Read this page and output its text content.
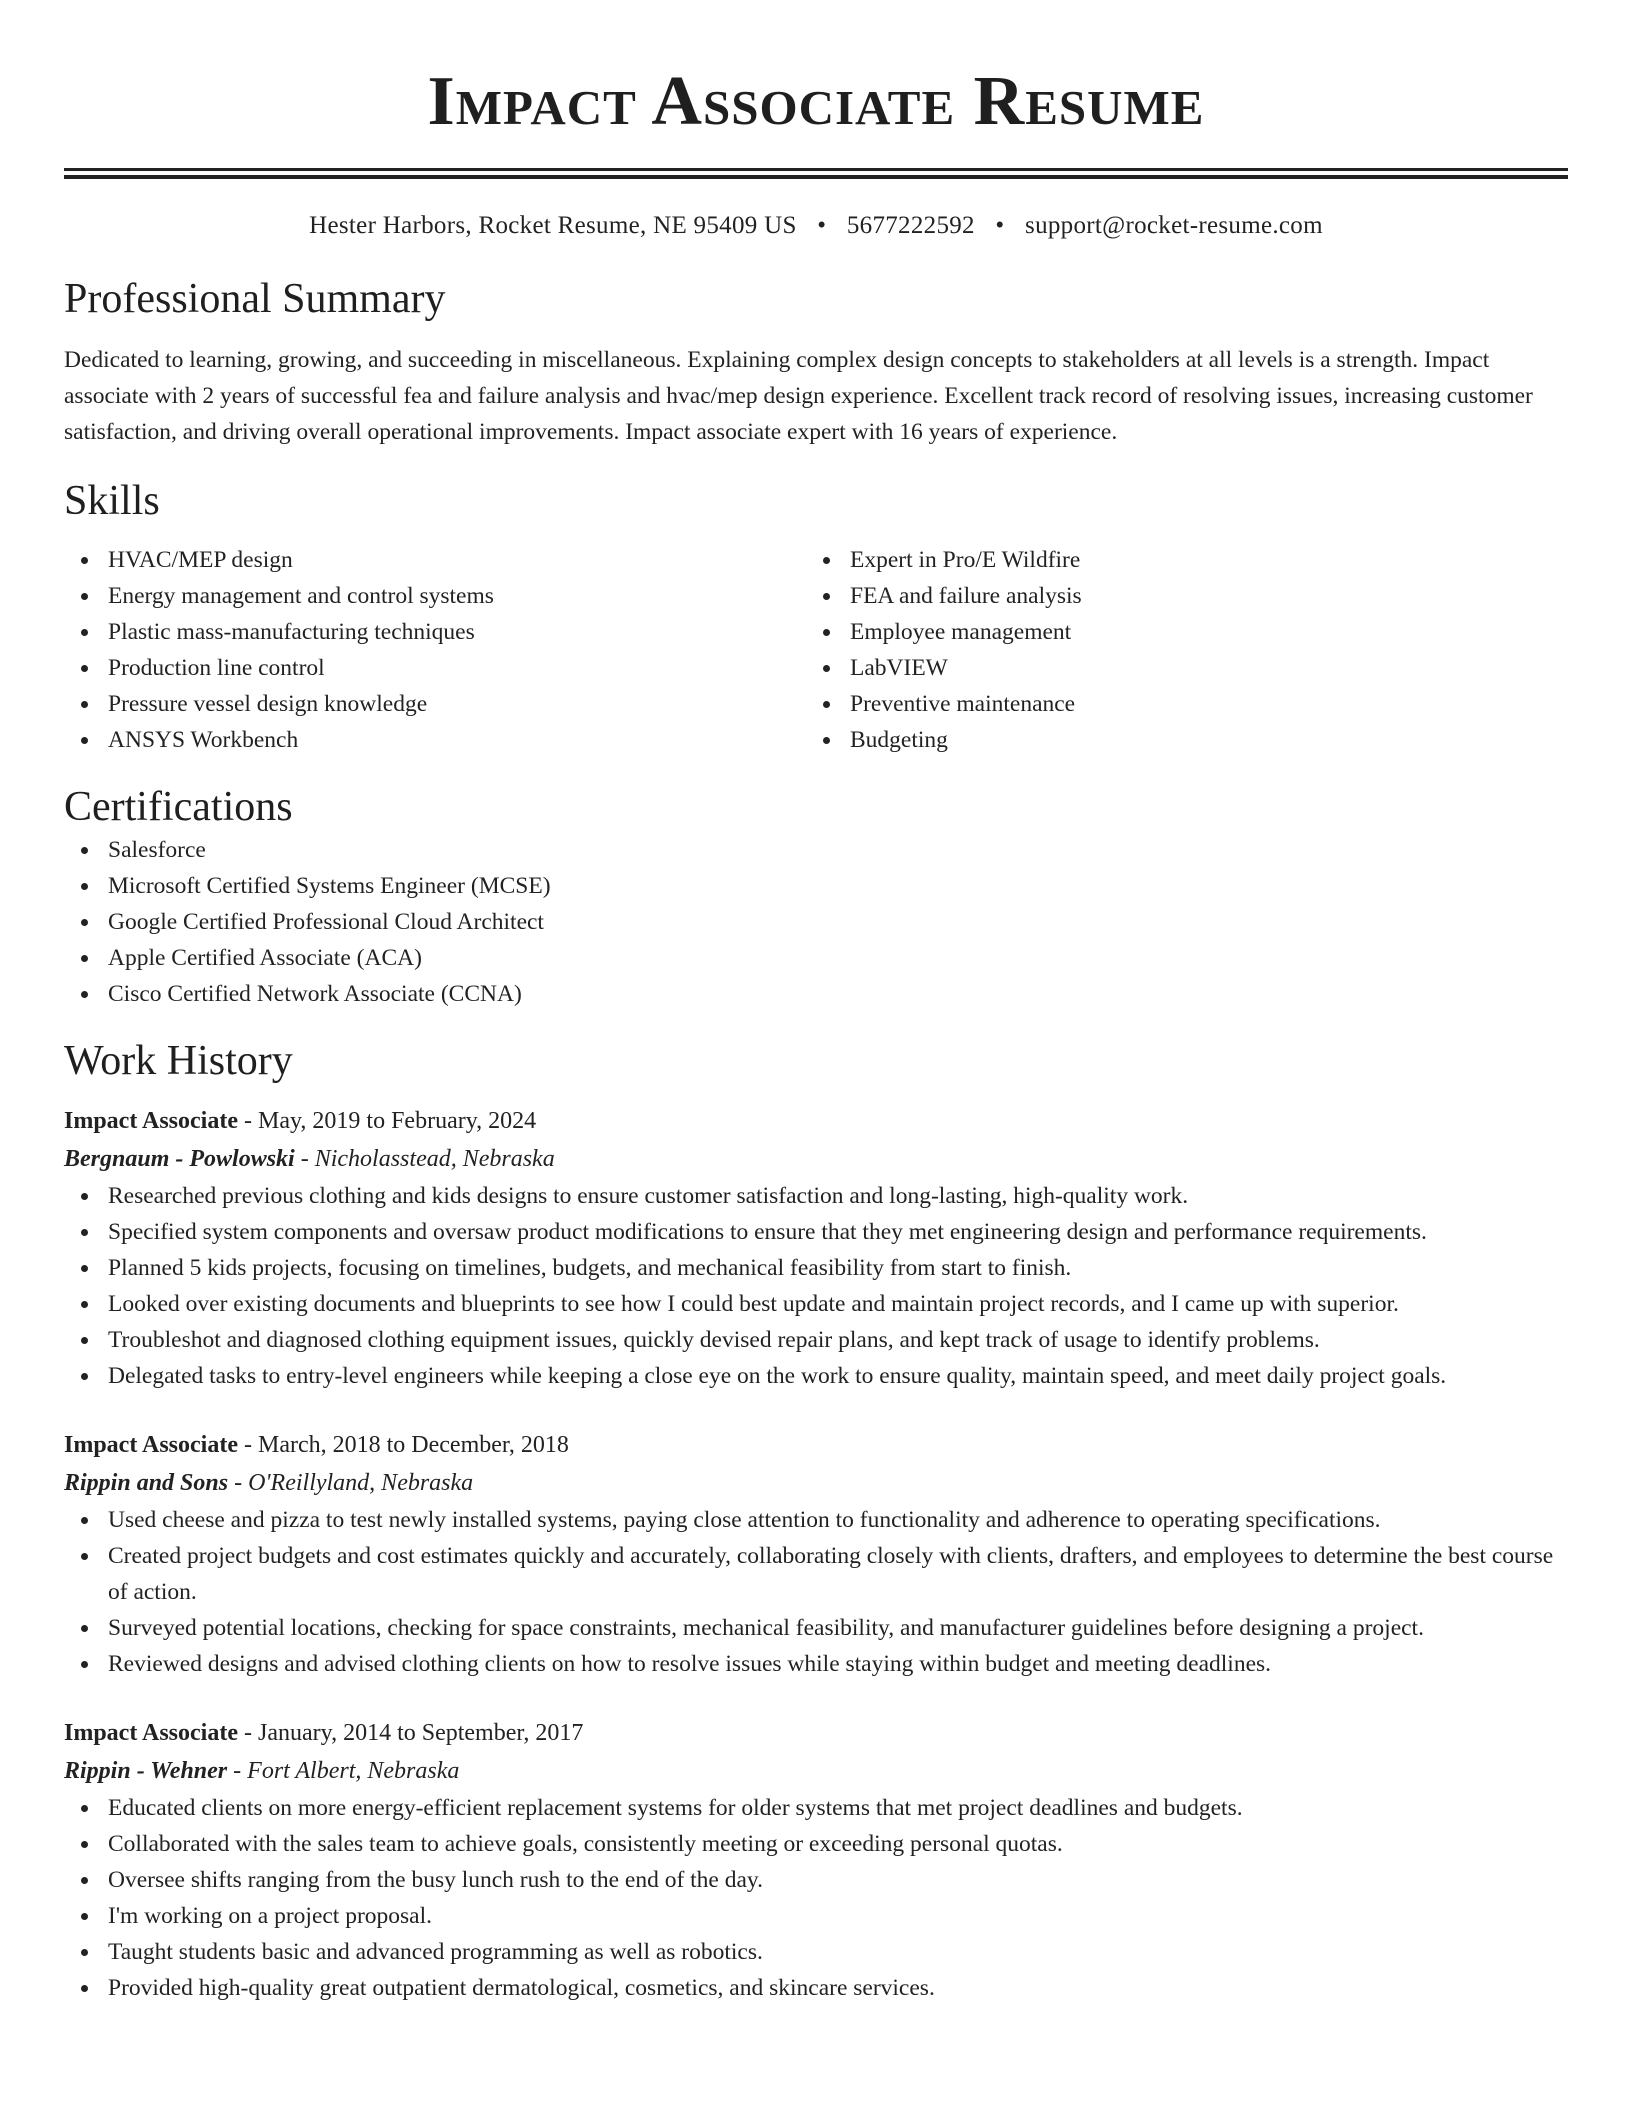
Impact Associate Resume
Hester Harbors, Rocket Resume, NE 95409 US • 5677222592 • support@rocket-resume.com
Professional Summary
Dedicated to learning, growing, and succeeding in miscellaneous. Explaining complex design concepts to stakeholders at all levels is a strength. Impact associate with 2 years of successful fea and failure analysis and hvac/mep design experience. Excellent track record of resolving issues, increasing customer satisfaction, and driving overall operational improvements. Impact associate expert with 16 years of experience.
Skills
HVAC/MEP design
Energy management and control systems
Plastic mass-manufacturing techniques
Production line control
Pressure vessel design knowledge
ANSYS Workbench
Expert in Pro/E Wildfire
FEA and failure analysis
Employee management
LabVIEW
Preventive maintenance
Budgeting
Certifications
Salesforce
Microsoft Certified Systems Engineer (MCSE)
Google Certified Professional Cloud Architect
Apple Certified Associate (ACA)
Cisco Certified Network Associate (CCNA)
Work History
Impact Associate - May, 2019 to February, 2024
Bergnaum - Powlowski - Nicholasstead, Nebraska
Researched previous clothing and kids designs to ensure customer satisfaction and long-lasting, high-quality work.
Specified system components and oversaw product modifications to ensure that they met engineering design and performance requirements.
Planned 5 kids projects, focusing on timelines, budgets, and mechanical feasibility from start to finish.
Looked over existing documents and blueprints to see how I could best update and maintain project records, and I came up with superior.
Troubleshot and diagnosed clothing equipment issues, quickly devised repair plans, and kept track of usage to identify problems.
Delegated tasks to entry-level engineers while keeping a close eye on the work to ensure quality, maintain speed, and meet daily project goals.
Impact Associate - March, 2018 to December, 2018
Rippin and Sons - O'Reillyland, Nebraska
Used cheese and pizza to test newly installed systems, paying close attention to functionality and adherence to operating specifications.
Created project budgets and cost estimates quickly and accurately, collaborating closely with clients, drafters, and employees to determine the best course of action.
Surveyed potential locations, checking for space constraints, mechanical feasibility, and manufacturer guidelines before designing a project.
Reviewed designs and advised clothing clients on how to resolve issues while staying within budget and meeting deadlines.
Impact Associate - January, 2014 to September, 2017
Rippin - Wehner - Fort Albert, Nebraska
Educated clients on more energy-efficient replacement systems for older systems that met project deadlines and budgets.
Collaborated with the sales team to achieve goals, consistently meeting or exceeding personal quotas.
Oversee shifts ranging from the busy lunch rush to the end of the day.
I'm working on a project proposal.
Taught students basic and advanced programming as well as robotics.
Provided high-quality great outpatient dermatological, cosmetics, and skincare services.
